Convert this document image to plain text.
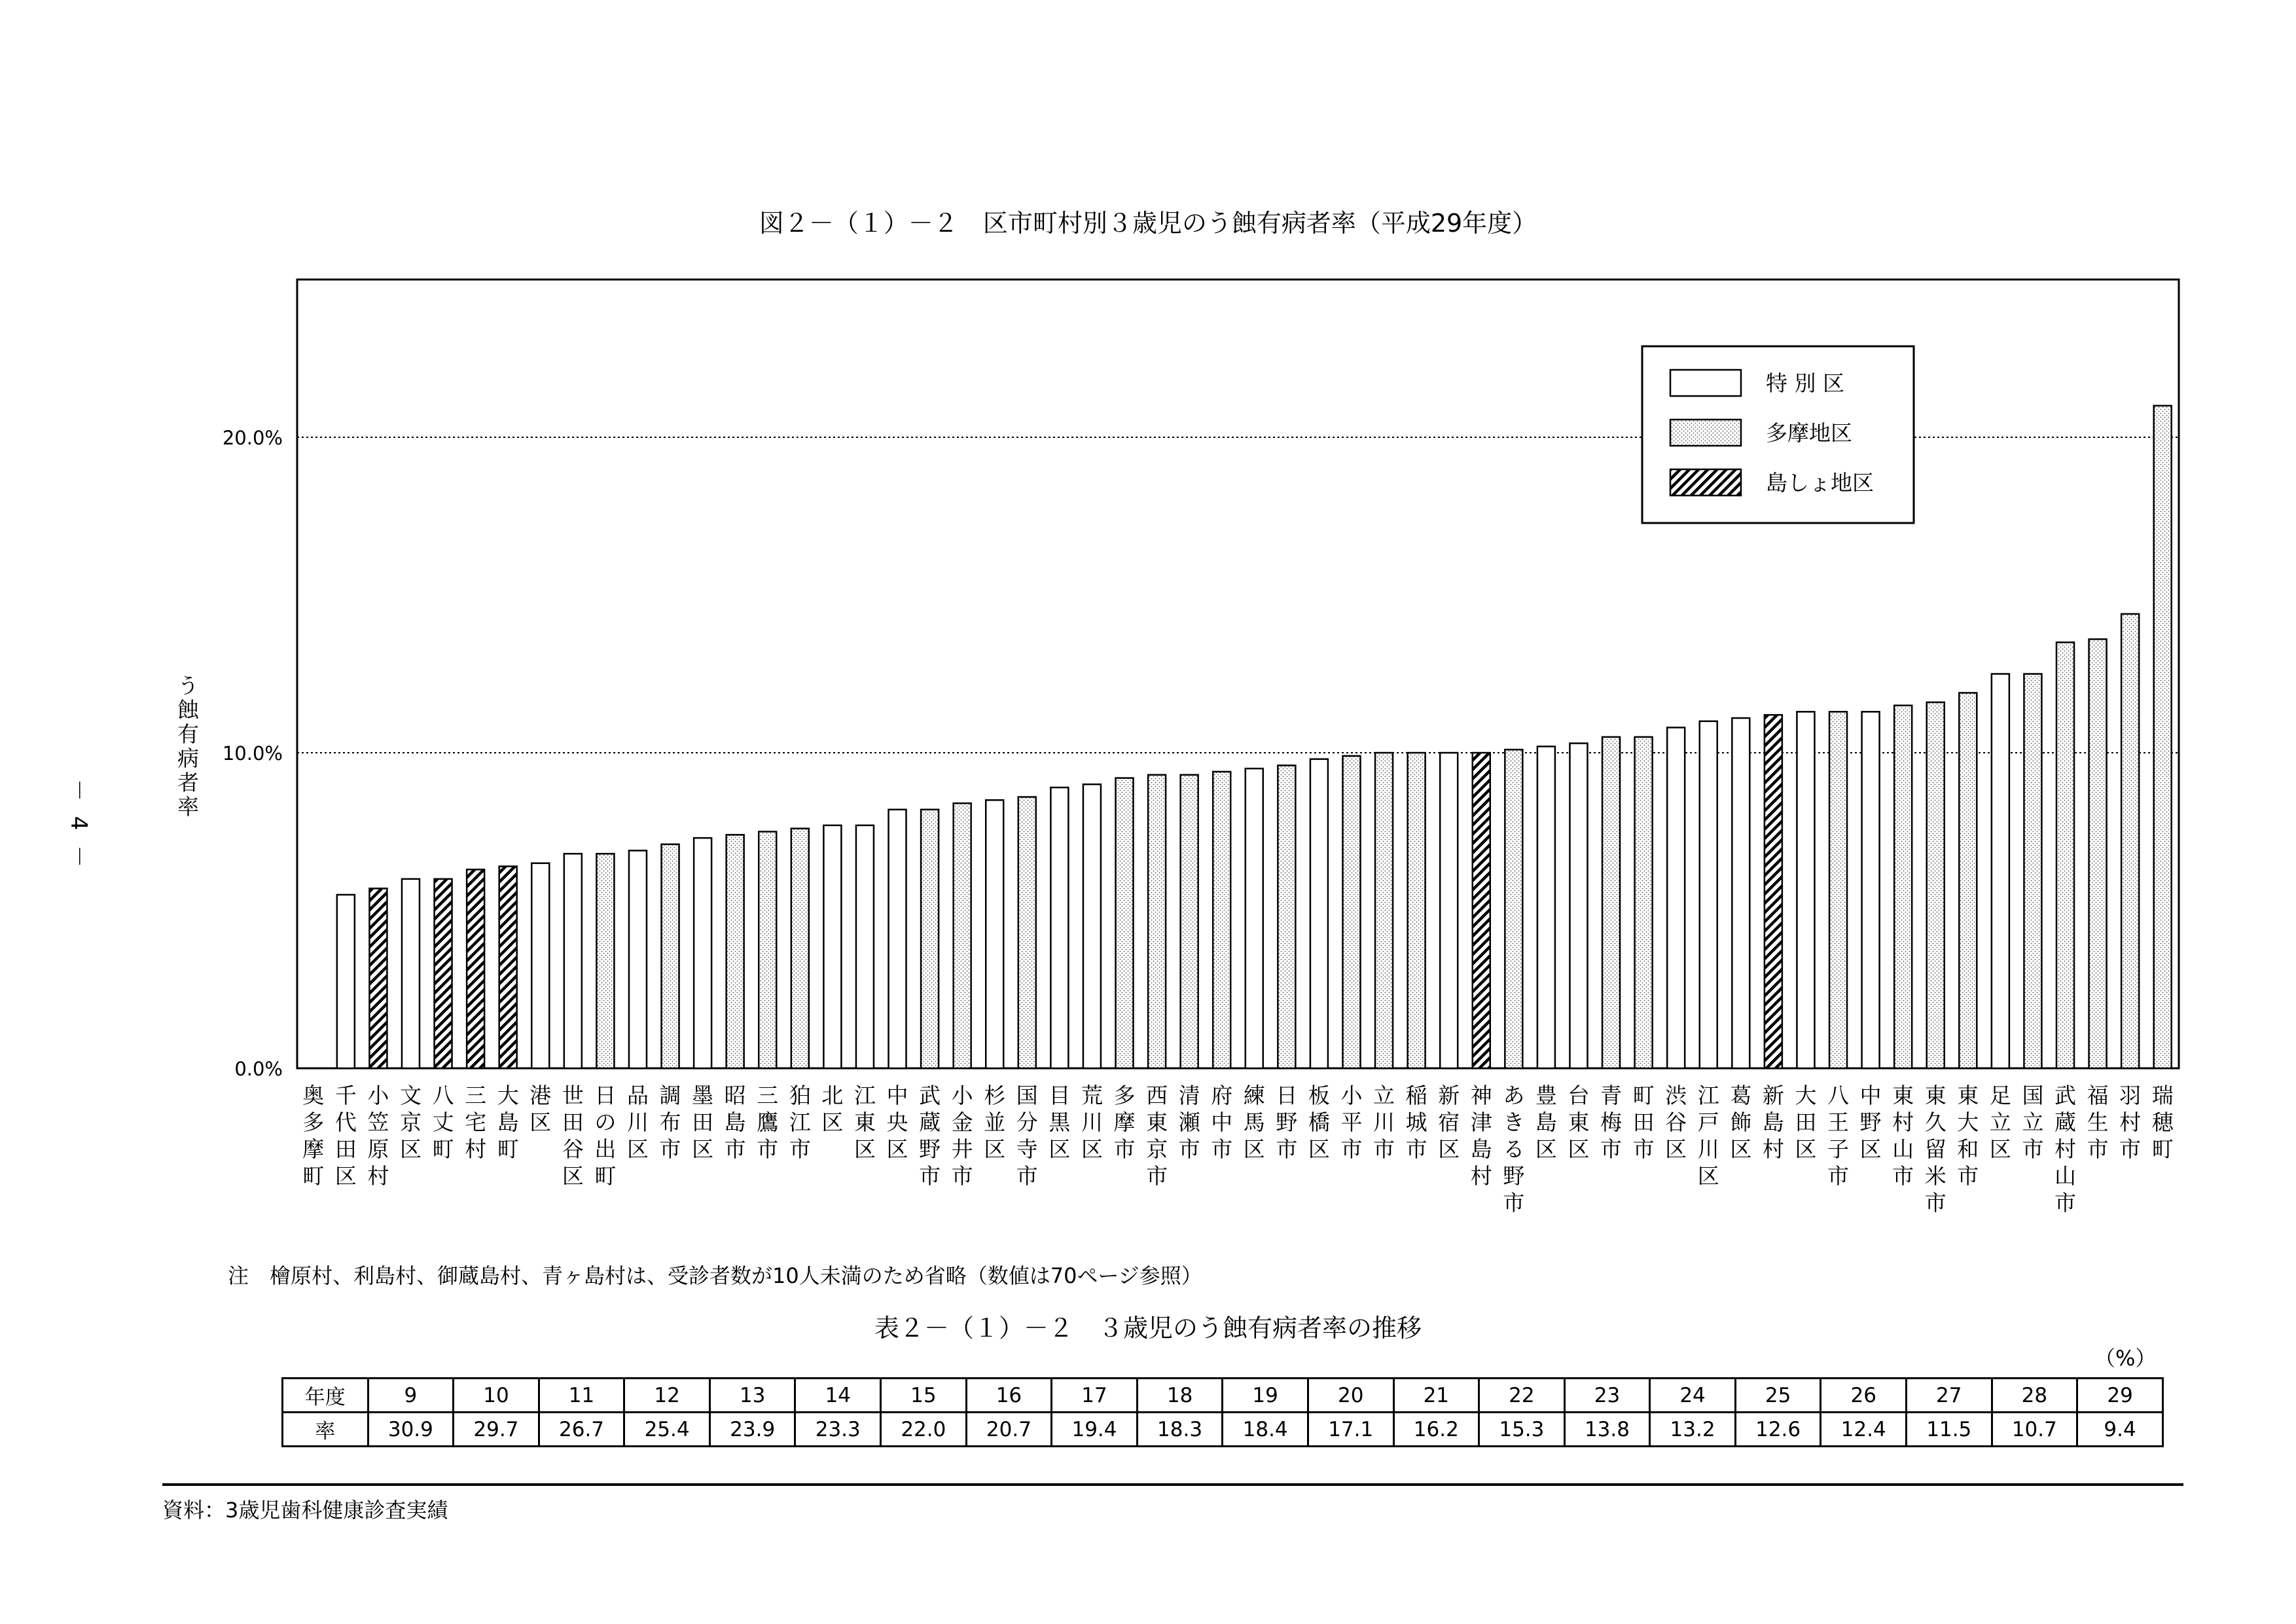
図２－（１）－２　区市町村別３歳児のう蝕有病者率（平成29年度）
－ 4 －
う蝕有病者率
0.0%
10.0%
20.0%
奥多摩町
千代田区
小笠原村
文京区
八丈町
三宅村
大島町
港区
世田谷区
日の出町
品川区
調布市
墨田区
昭島市
三鷹市
狛江市
北区
江東区
中央区
武蔵野市
小金井市
杉並区
国分寺市
目黒区
荒川区
多摩市
西東京市
清瀬市
府中市
練馬区
日野市
板橋区
小平市
立川市
稲城市
新宿区
神津島村
あきる野市
豊島区
台東区
青梅市
町田市
渋谷区
江戸川区
葛飾区
新島村
大田区
八王子市
中野区
東村山市
東久留米市
東大和市
足立区
国立市
武蔵村山市
福生市
羽村市
瑞穂町
特 別 区
多摩地区
島しょ地区
注　檜原村、利島村、御蔵島村、青ヶ島村は、受診者数が10人未満のため省略（数値は70ページ参照）
表２－（１）－２　３歳児のう蝕有病者率の推移
（%）
年度	9	10	11	12	13	14	15	16	17	18	19	20	21	22	23	24	25	26	27	28	29
率	30.9	29.7	26.7	25.4	23.9	23.3	22.0	20.7	19.4	18.3	18.4	17.1	16.2	15.3	13.8	13.2	12.6	12.4	11.5	10.7	9.4
資料：3歳児歯科健康診査実績
